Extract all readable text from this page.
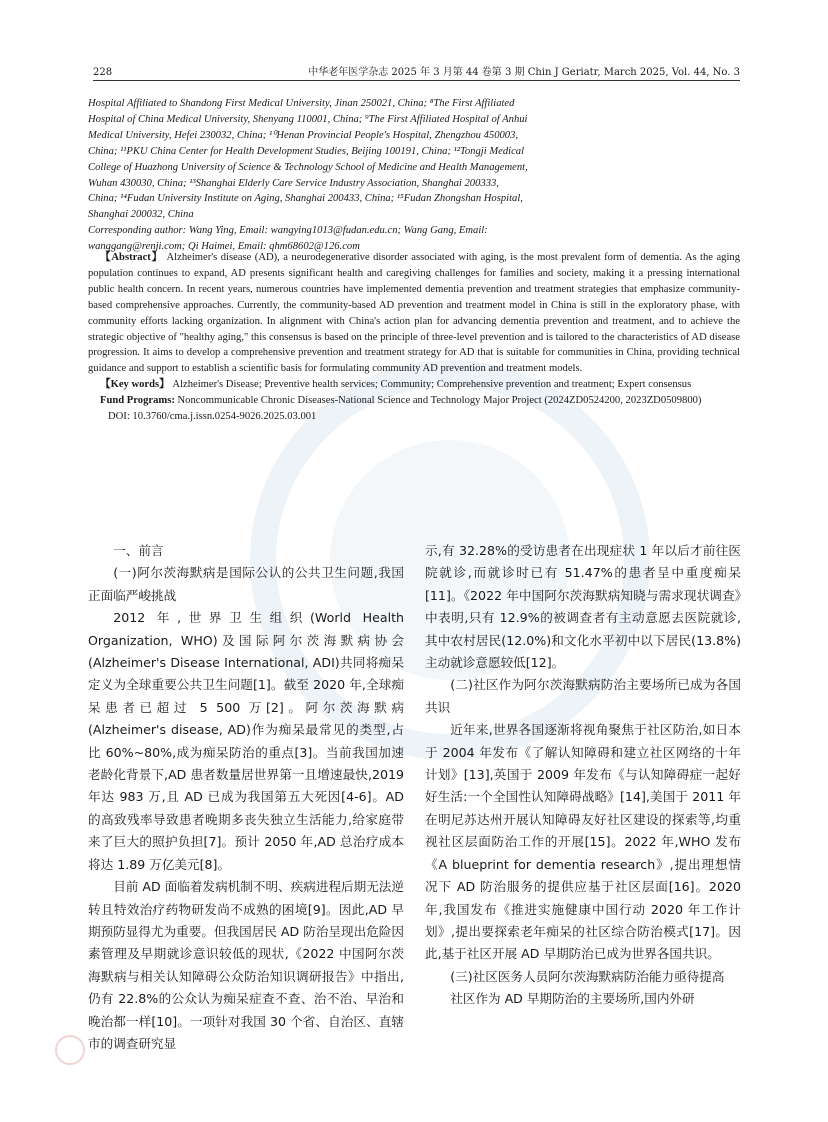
228	中华老年医学杂志 2025 年 3 月第 44 卷第 3 期 Chin J Geriatr, March 2025, Vol. 44, No. 3

Hospital Affiliated to Shandong First Medical University, Jinan 250021, China; ⁸The First Affiliated

Hospital of China Medical University, Shenyang 110001, China; ⁹The First Affiliated Hospital of Anhui

Medical University, Hefei 230032, China; ¹⁰Henan Provincial People's Hospital, Zhengzhou 450003,

China; ¹¹PKU China Center for Health Development Studies, Beijing 100191, China; ¹²Tongji Medical

College of Huazhong University of Science & Technology School of Medicine and Health Management,

Wuhan 430030, China; ¹³Shanghai Elderly Care Service Industry Association, Shanghai 200333,

China; ¹⁴Fudan University Institute on Aging, Shanghai 200433, China; ¹⁵Fudan Zhongshan Hospital,

Shanghai 200032, China

Corresponding author: Wang Ying, Email: wangying1013@fudan.edu.cn; Wang Gang, Email:

wanggang@renji.com; Qi Haimei, Email: qhm68602@126.com

【Abstract】 Alzheimer's disease (AD), a neurodegenerative disorder associated with aging, is the most prevalent form of dementia. As the aging population continues to expand, AD presents significant health and caregiving challenges for families and society, making it a pressing international public health concern. In recent years, numerous countries have implemented dementia prevention and treatment strategies that emphasize community-based comprehensive approaches. Currently, the community-based AD prevention and treatment model in China is still in the exploratory phase, with community efforts lacking organization. In alignment with China's action plan for advancing dementia prevention and treatment, and to achieve the strategic objective of "healthy aging," this consensus is based on the principle of three-level prevention and is tailored to the characteristics of AD disease progression. It aims to develop a comprehensive prevention and treatment strategy for AD that is suitable for communities in China, providing technical guidance and support to establish a scientific basis for formulating community AD prevention and treatment models.

【Key words】 Alzheimer's Disease; Preventive health services; Community; Comprehensive prevention and treatment; Expert consensus

Fund Programs: Noncommunicable Chronic Diseases-National Science and Technology Major Project (2024ZD0524200, 2023ZD0509800)

DOI: 10.3760/cma.j.issn.0254-9026.2025.03.001

一、前言

(一)阿尔茨海默病是国际公认的公共卫生问题,我国正面临严峻挑战

2012 年,世界卫生组织(World Health Organization, WHO)及国际阿尔茨海默病协会(Alzheimer's Disease International, ADI)共同将痴呆定义为全球重要公共卫生问题[1]。截至 2020 年,全球痴呆患者已超过 5 500 万[2]。阿尔茨海默病(Alzheimer's disease, AD)作为痴呆最常见的类型,占比 60%~80%,成为痴呆防治的重点[3]。当前我国加速老龄化背景下,AD 患者数量居世界第一且增速最快,2019 年达 983 万,且 AD 已成为我国第五大死因[4-6]。AD 的高致残率导致患者晚期多丧失独立生活能力,给家庭带来了巨大的照护负担[7]。预计 2050 年,AD 总治疗成本将达 1.89 万亿美元[8]。

目前 AD 面临着发病机制不明、疾病进程后期无法逆转且特效治疗药物研发尚不成熟的困境[9]。因此,AD 早期预防显得尤为重要。但我国居民 AD 防治呈现出危险因素管理及早期就诊意识较低的现状,《2022 中国阿尔茨海默病与相关认知障碍公众防治知识调研报告》中指出,仍有 22.8%的公众认为痴呆症查不查、治不治、早治和晚治都一样[10]。一项针对我国 30 个省、自治区、直辖市的调查研究显

示,有 32.28%的受访患者在出现症状 1 年以后才前往医院就诊,而就诊时已有 51.47%的患者呈中重度痴呆[11]。《2022 年中国阿尔茨海默病知晓与需求现状调查》中表明,只有 12.9%的被调查者有主动意愿去医院就诊,其中农村居民(12.0%)和文化水平初中以下居民(13.8%)主动就诊意愿较低[12]。

(二)社区作为阿尔茨海默病防治主要场所已成为各国共识

近年来,世界各国逐渐将视角聚焦于社区防治,如日本于 2004 年发布《了解认知障碍和建立社区网络的十年计划》[13],英国于 2009 年发布《与认知障碍症一起好好生活:一个全国性认知障碍战略》[14],美国于 2011 年在明尼苏达州开展认知障碍友好社区建设的探索等,均重视社区层面防治工作的开展[15]。2022 年,WHO 发布《A blueprint for dementia research》,提出理想情况下 AD 防治服务的提供应基于社区层面[16]。2020 年,我国发布《推进实施健康中国行动 2020 年工作计划》,提出要探索老年痴呆的社区综合防治模式[17]。因此,基于社区开展 AD 早期防治已成为世界各国共识。

(三)社区医务人员阿尔茨海默病防治能力亟待提高

社区作为 AD 早期防治的主要场所,国内外研
